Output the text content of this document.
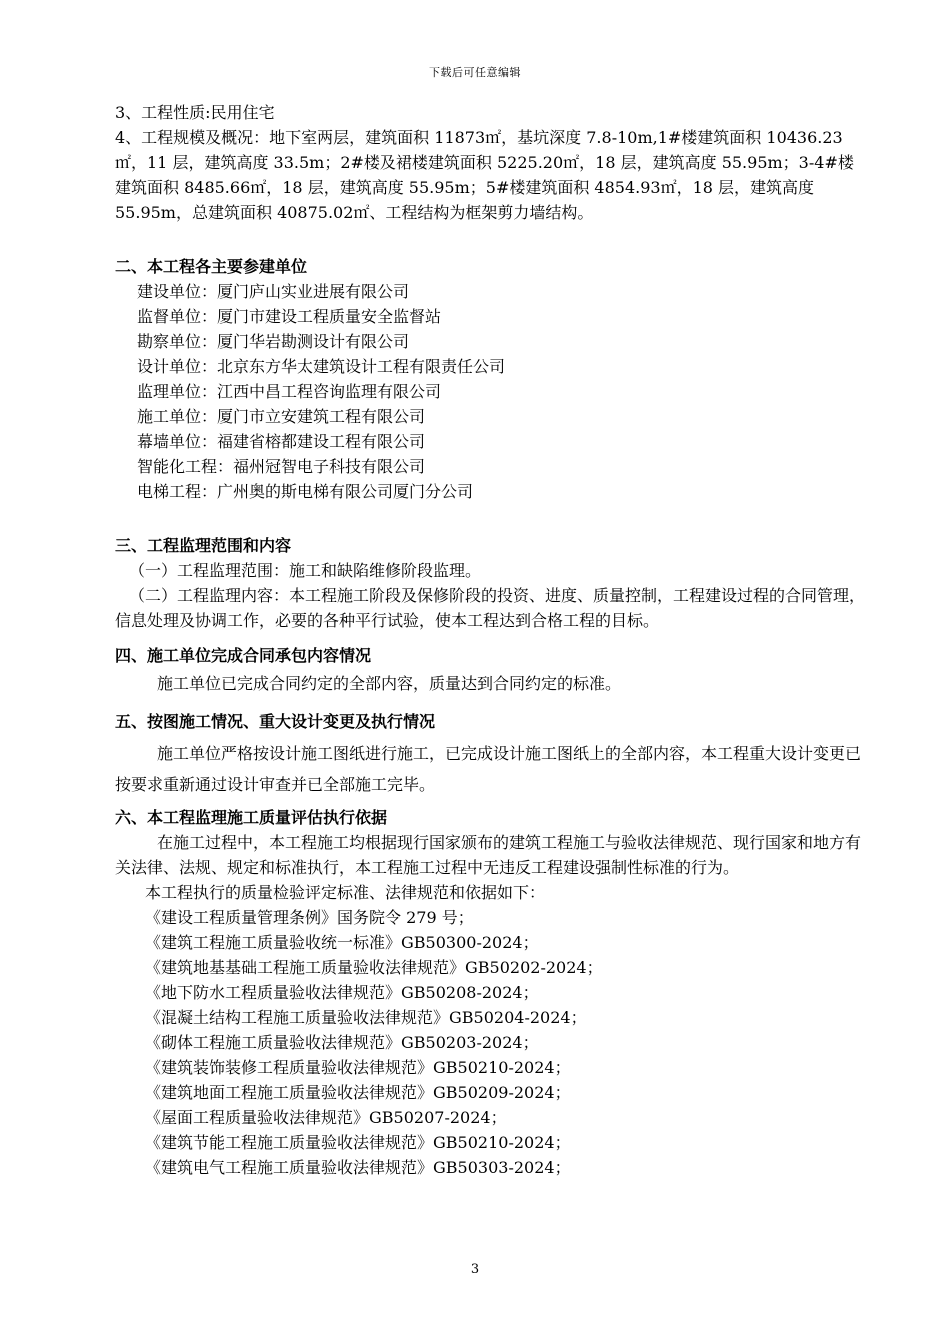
下载后可任意编辑

3、工程性质:民用住宅

4、工程规模及概况：地下室两层，建筑面积 11873㎡，基坑深度 7.8-10m,1#楼建筑面积 10436.23㎡，11 层，建筑高度 33.5m；2#楼及裙楼建筑面积 5225.20㎡，18 层，建筑高度 55.95m；3-4#楼建筑面积 8485.66㎡，18 层，建筑高度 55.95m；5#楼建筑面积 4854.93㎡，18 层，建筑高度 55.95m，总建筑面积 40875.02㎡、工程结构为框架剪力墙结构。

二、本工程各主要参建单位

建设单位：厦门庐山实业进展有限公司

监督单位：厦门市建设工程质量安全监督站

勘察单位：厦门华岩勘测设计有限公司

设计单位：北京东方华太建筑设计工程有限责任公司

监理单位：江西中昌工程咨询监理有限公司

施工单位：厦门市立安建筑工程有限公司

幕墙单位：福建省榕都建设工程有限公司

智能化工程：福州冠智电子科技有限公司

电梯工程：广州奥的斯电梯有限公司厦门分公司

三、工程监理范围和内容

（一）工程监理范围：施工和缺陷维修阶段监理。

（二）工程监理内容：本工程施工阶段及保修阶段的投资、进度、质量控制，工程建设过程的合同管理，信息处理及协调工作，必要的各种平行试验，使本工程达到合格工程的目标。

四、施工单位完成合同承包内容情况

施工单位已完成合同约定的全部内容，质量达到合同约定的标准。

五、按图施工情况、重大设计变更及执行情况

施工单位严格按设计施工图纸进行施工，已完成设计施工图纸上的全部内容，本工程重大设计变更已按要求重新通过设计审查并已全部施工完毕。

六、本工程监理施工质量评估执行依据

在施工过程中，本工程施工均根据现行国家颁布的建筑工程施工与验收法律规范、现行国家和地方有关法律、法规、规定和标准执行，本工程施工过程中无违反工程建设强制性标准的行为。

本工程执行的质量检验评定标准、法律规范和依据如下：

《建设工程质量管理条例》国务院令 279 号；

《建筑工程施工质量验收统一标准》GB50300-2024；

《建筑地基基础工程施工质量验收法律规范》GB50202-2024；

《地下防水工程质量验收法律规范》GB50208-2024；

《混凝土结构工程施工质量验收法律规范》GB50204-2024；

《砌体工程施工质量验收法律规范》GB50203-2024；

《建筑装饰装修工程质量验收法律规范》GB50210-2024；

《建筑地面工程施工质量验收法律规范》GB50209-2024；

《屋面工程质量验收法律规范》GB50207-2024；

《建筑节能工程施工质量验收法律规范》GB50210-2024；

《建筑电气工程施工质量验收法律规范》GB50303-2024；

3
